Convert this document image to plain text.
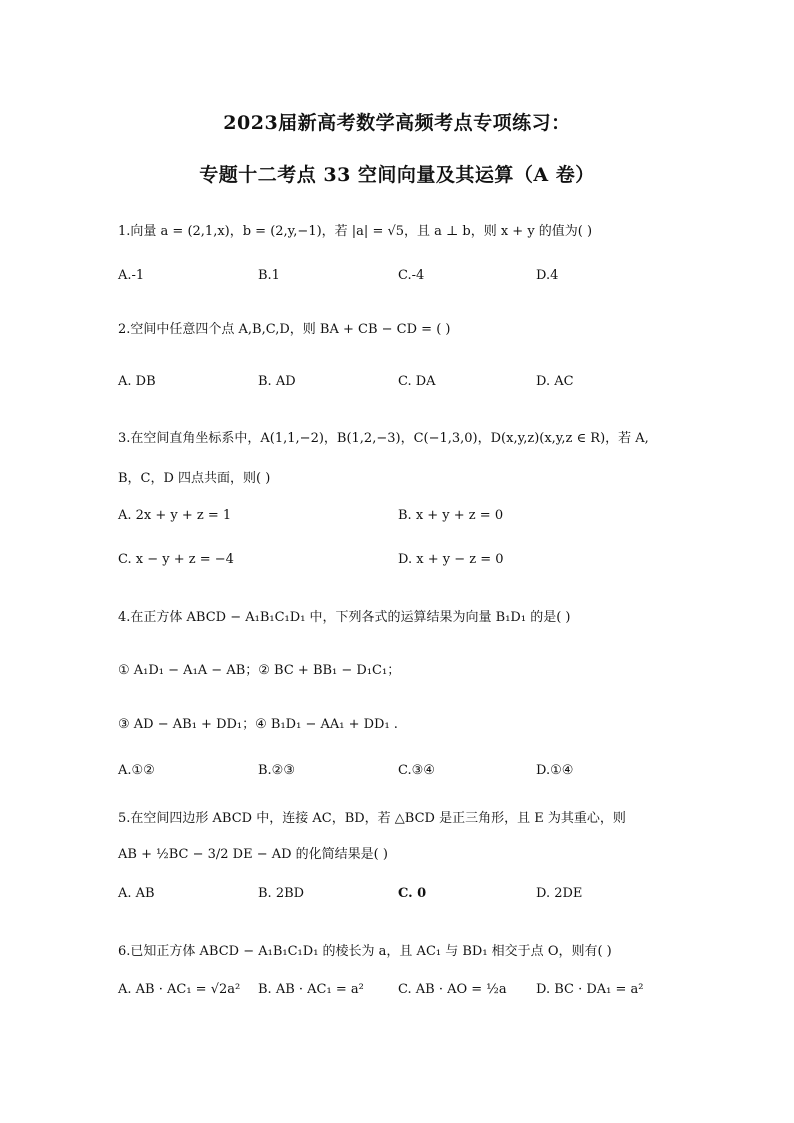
2023届新高考数学高频考点专项练习：
专题十二考点 33 空间向量及其运算（A 卷）
1.向量 a = (2,1,x)，b = (2,y,−1)，若 |a| = √5，且 a ⊥ b，则 x + y 的值为( )
A.-1	B.1	C.-4	D.4
2.空间中任意四个点 A,B,C,D，则 BA + CB − CD = ( )
A. DB	B. AD	C. DA	D. AC
3.在空间直角坐标系中，A(1,1,−2)，B(1,2,−3)，C(−1,3,0)，D(x,y,z)(x,y,z ∈ R)，若 A,
B，C，D 四点共面，则( )
A. 2x + y + z = 1	B. x + y + z = 0
C. x − y + z = −4	D. x + y − z = 0
4.在正方体 ABCD − A₁B₁C₁D₁ 中，下列各式的运算结果为向量 B₁D₁ 的是( )
① A₁D₁ − A₁A − AB；② BC + BB₁ − D₁C₁；
③ AD − AB₁ + DD₁；④ B₁D₁ − AA₁ + DD₁ .
A.①②	B.②③	C.③④	D.①④
5.在空间四边形 ABCD 中，连接 AC，BD，若 △BCD 是正三角形，且 E 为其重心，则
AB + ½BC − 3/2 DE − AD 的化简结果是( )
A. AB	B. 2BD	C. 0	D. 2DE
6.已知正方体 ABCD − A₁B₁C₁D₁ 的棱长为 a，且 AC₁ 与 BD₁ 相交于点 O，则有( )
A. AB · AC₁ = √2a² B. AB · AC₁ = a²	C. AB · AO = ½a D. BC · DA₁ = a²
